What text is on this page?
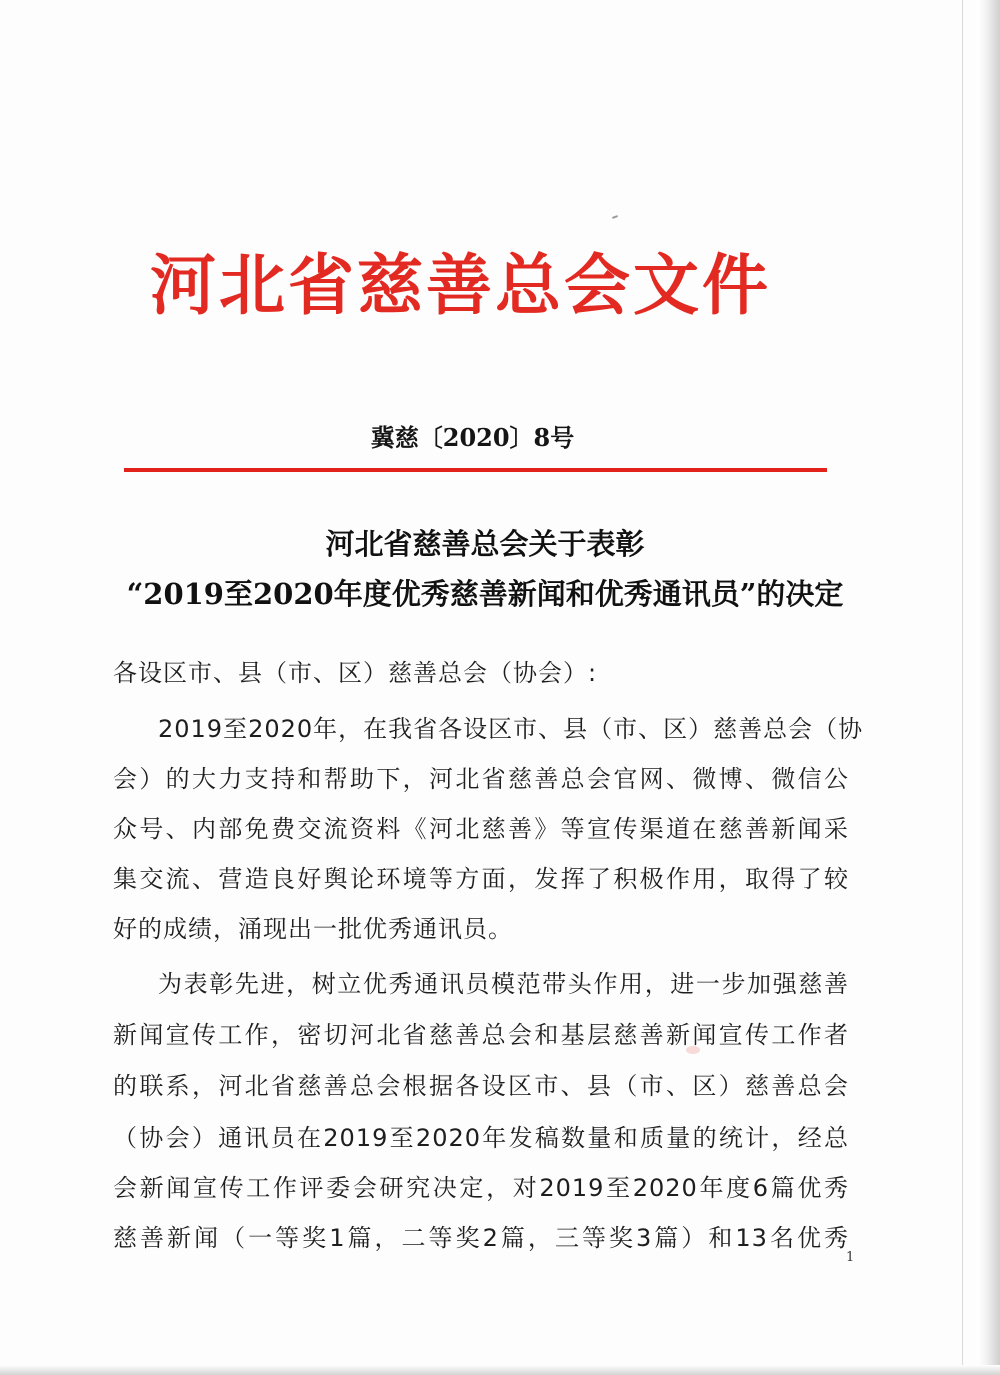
河北省慈善总会文件
冀慈〔2020〕8号
河北省慈善总会关于表彰
“2019至2020年度优秀慈善新闻和优秀通讯员”的决定

各设区市、县（市、区）慈善总会（协会）:

2019至2020年，在我省各设区市、县（市、区）慈善总会（协

会）的大力支持和帮助下，河北省慈善总会官网、微博、微信公

众号、内部免费交流资料《河北慈善》等宣传渠道在慈善新闻采

集交流、营造良好舆论环境等方面，发挥了积极作用，取得了较

好的成绩，涌现出一批优秀通讯员。

为表彰先进，树立优秀通讯员模范带头作用，进一步加强慈善

新闻宣传工作，密切河北省慈善总会和基层慈善新闻宣传工作者

的联系，河北省慈善总会根据各设区市、县（市、区）慈善总会

（协会）通讯员在2019至2020年发稿数量和质量的统计，经总

会新闻宣传工作评委会研究决定，对2019至2020年度6篇优秀

慈善新闻（一等奖1篇，二等奖2篇，三等奖3篇）和13名优秀

1
